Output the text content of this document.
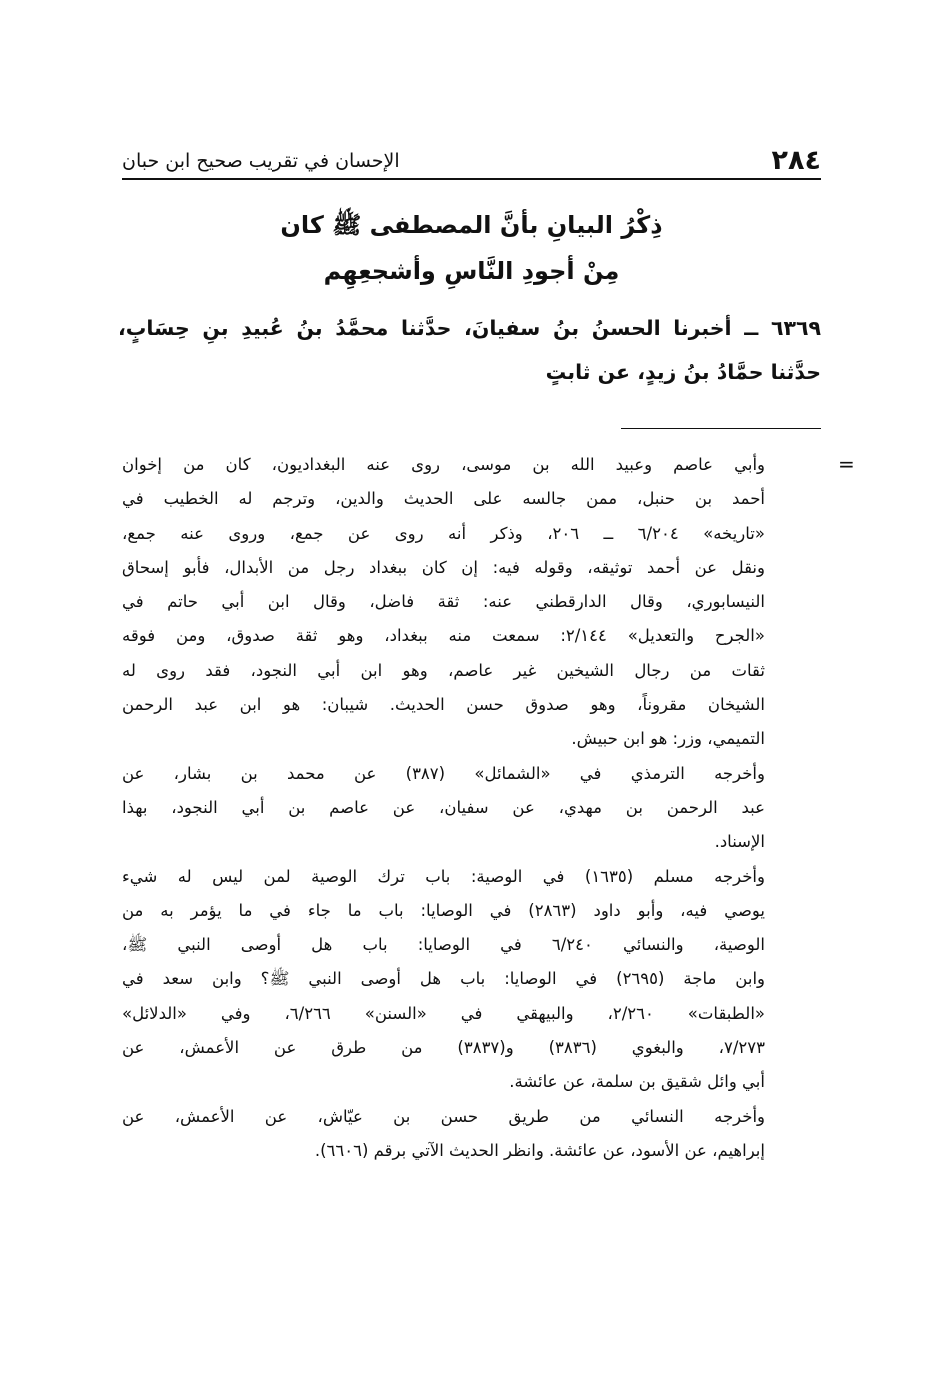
٢٨٤
الإحسان في تقريب صحيح ابن حبان
ذِكْرُ البيانِ بأنَّ المصطفى ﷺ كان
مِنْ أجودِ النَّاسِ وأشجعِهِم
٦٣٦٩ ــ أخبرنا الحسنُ بنُ سفيانَ، حدَّثنا محمَّدُ بنُ عُبيدِ بنِ حِسَابٍ،
حدَّثنا حمَّادُ بنُ زيدٍ، عن ثابتٍ
=
وأبي عاصم وعبيد الله بن موسى، روى عنه البغداديون، كان من إخوان
أحمد بن حنبل، ممن جالسه على الحديث والدين، وترجم له الخطيب في
«تاريخه» ٦/٢٠٤ ــ ٢٠٦، وذكر أنه روى عن جمع، وروى عنه جمع،
ونقل عن أحمد توثيقه، وقوله فيه: إن كان ببغداد رجل من الأبدال، فأبو إسحاق
النيسابوري، وقال الدارقطني عنه: ثقة فاضل، وقال ابن أبي حاتم في
«الجرح والتعديل» ٢/١٤٤: سمعت منه ببغداد، وهو ثقة صدوق، ومن فوقه
ثقات من رجال الشيخين غير عاصم، وهو ابن أبي النجود، فقد روى له
الشيخان مقروناً، وهو صدوق حسن الحديث. شيبان: هو ابن عبد الرحمن
التميمي، وزر: هو ابن حبيش.
وأخرجه الترمذي في «الشمائل» (٣٨٧) عن محمد بن بشار، عن
عبد الرحمن بن مهدي، عن سفيان، عن عاصم بن أبي النجود، بهذا
الإسناد.
وأخرجه مسلم (١٦٣٥) في الوصية: باب ترك الوصية لمن ليس له شيء
يوصي فيه، وأبو داود (٢٨٦٣) في الوصايا: باب ما جاء في ما يؤمر به من
الوصية، والنسائي ٦/٢٤٠ في الوصايا: باب هل أوصى النبي ﷺ،
وابن ماجة (٢٦٩٥) في الوصايا: باب هل أوصى النبي ﷺ؟ وابن سعد في
«الطبقات» ٢/٢٦٠، والبيهقي في «السنن» ٦/٢٦٦، وفي «الدلائل»
٧/٢٧٣، والبغوي (٣٨٣٦) و(٣٨٣٧) من طرق عن الأعمش، عن
أبي وائل شقيق بن سلمة، عن عائشة.
وأخرجه النسائي من طريق حسن بن عيّاش، عن الأعمش، عن
إبراهيم، عن الأسود، عن عائشة. وانظر الحديث الآتي برقم (٦٦٠٦).
